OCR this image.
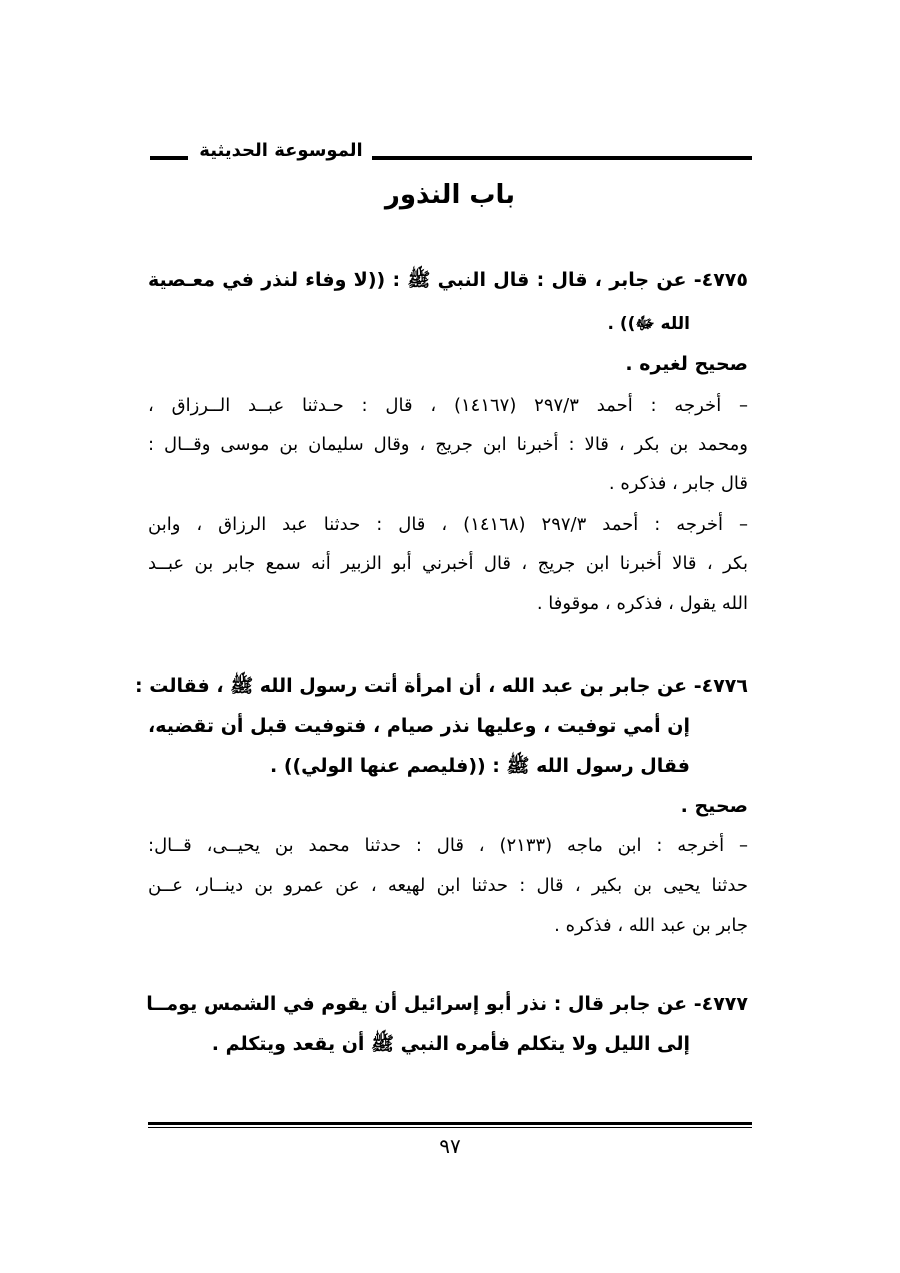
الموسوعة الحديثية
باب النذور
٤٧٧٥- عن جابر ، قال : قال النبي ﷺ : ((لا وفاء لنذر في معـصية
الله ﷻ)) .
صحيح لغيره .
– أخرجه : أحمد ٢٩٧/٣ (١٤١٦٧) ، قال : حـدثنا عبــد الــرزاق ،
ومحمد بن بكر ، قالا : أخبرنا ابن جريج ، وقال سليمان بن موسى وقــال :
قال جابر ، فذكره .
– أخرجه : أحمد ٢٩٧/٣ (١٤١٦٨) ، قال : حدثنا عبد الرزاق ، وابن
بكر ، قالا أخبرنا ابن جريج ، قال أخبرني أبو الزبير أنه سمع جابر بن عبــد
الله يقول ، فذكره ، موقوفا .
٤٧٧٦- عن جابر بن عبد الله ، أن امرأة أتت رسول الله ﷺ ، فقالت :
إن أمي توفيت ، وعليها نذر صيام ، فتوفيت قبل أن تقضيه،
فقال رسول الله ﷺ : ((فليصم عنها الولي)) .
صحيح .
– أخرجه : ابن ماجه (٢١٣٣) ، قال : حدثنا محمد بن يحيــى، قــال:
حدثنا يحيى بن بكير ، قال : حدثنا ابن لهيعه ، عن عمرو بن دينــار، عــن
جابر بن عبد الله ، فذكره .
٤٧٧٧- عن جابر قال : نذر أبو إسرائيل أن يقوم في الشمس يومــا
إلى الليل ولا يتكلم فأمره النبي ﷺ أن يقعد ويتكلم .
٩٧
